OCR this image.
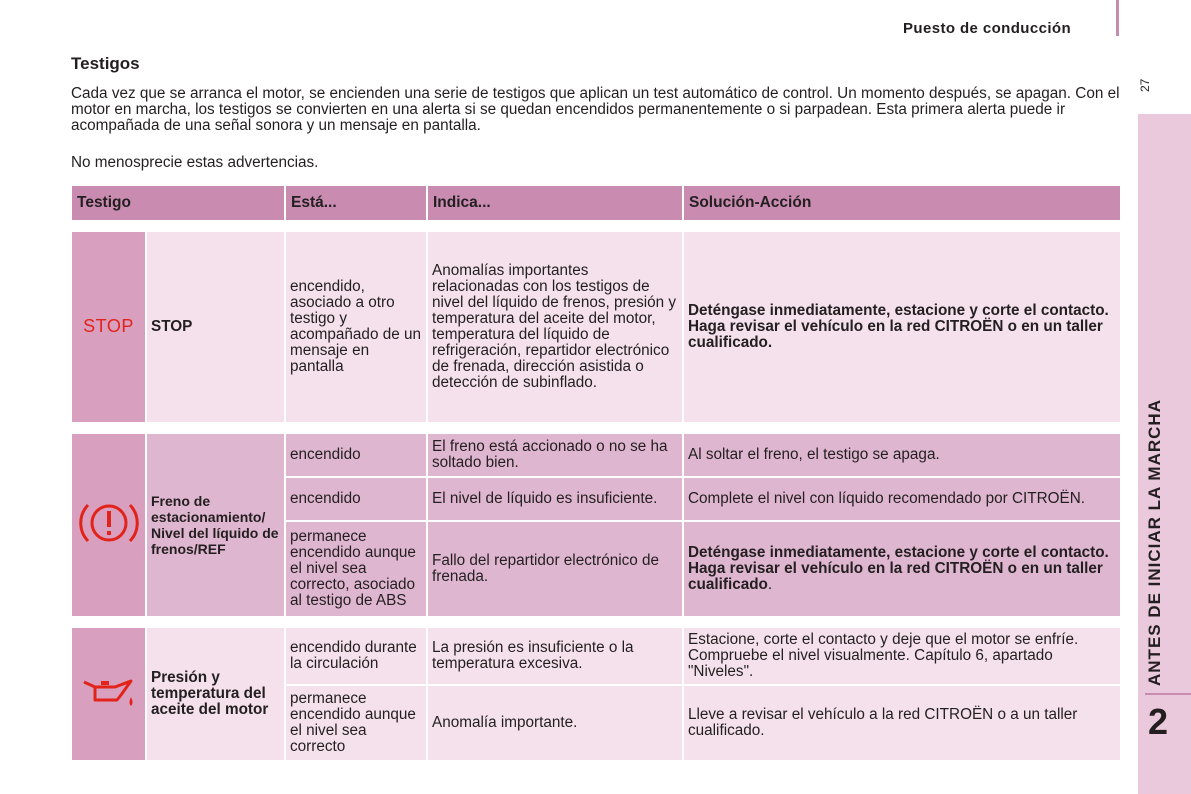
Puesto de conducción
27
ANTES DE INICIAR LA MARCHA
2
Testigos

Cada vez que se arranca el motor, se encienden una serie de testigos que aplican un test automático de control. Un momento después, se apagan. Con el motor en marcha, los testigos se convierten en una alerta si se quedan encendidos permanentemente o si parpadean. Esta primera alerta puede ir acompañada de una señal sonora y un mensaje en pantalla.

No menosprecie estas advertencias.

Testigo		Está...	Indica...	Solución-Acción

STOP	STOP	encendido, asociado a otro testigo y acompañado de un mensaje en pantalla	Anomalías importantes relacionadas con los testigos de nivel del líquido de frenos, presión y temperatura del aceite del motor, temperatura del líquido de refrigeración, repartidor electrónico de frenada, dirección asistida o detección de subinflado.	Deténgase inmediatamente, estacione y corte el contacto. Haga revisar el vehículo en la red CITROËN o en un taller cualificado.

	Freno de estacionamiento/ Nivel del líquido de frenos/REF	encendido	El freno está accionado o no se ha soltado bien.	Al soltar el freno, el testigo se apaga.
		encendido	El nivel de líquido es insuficiente.	Complete el nivel con líquido recomendado por CITROËN.
		permanece encendido aunque el nivel sea correcto, asociado al testigo de ABS	Fallo del repartidor electrónico de frenada.	Deténgase inmediatamente, estacione y corte el contacto. Haga revisar el vehículo en la red CITROËN o en un taller cualificado.

	Presión y temperatura del aceite del motor	encendido durante la circulación	La presión es insuficiente o la temperatura excesiva.	Estacione, corte el contacto y deje que el motor se enfríe. Compruebe el nivel visualmente. Capítulo 6, apartado "Niveles".
		permanece encendido aunque el nivel sea correcto	Anomalía importante.	Lleve a revisar el vehículo a la red CITROËN o a un taller cualificado.
